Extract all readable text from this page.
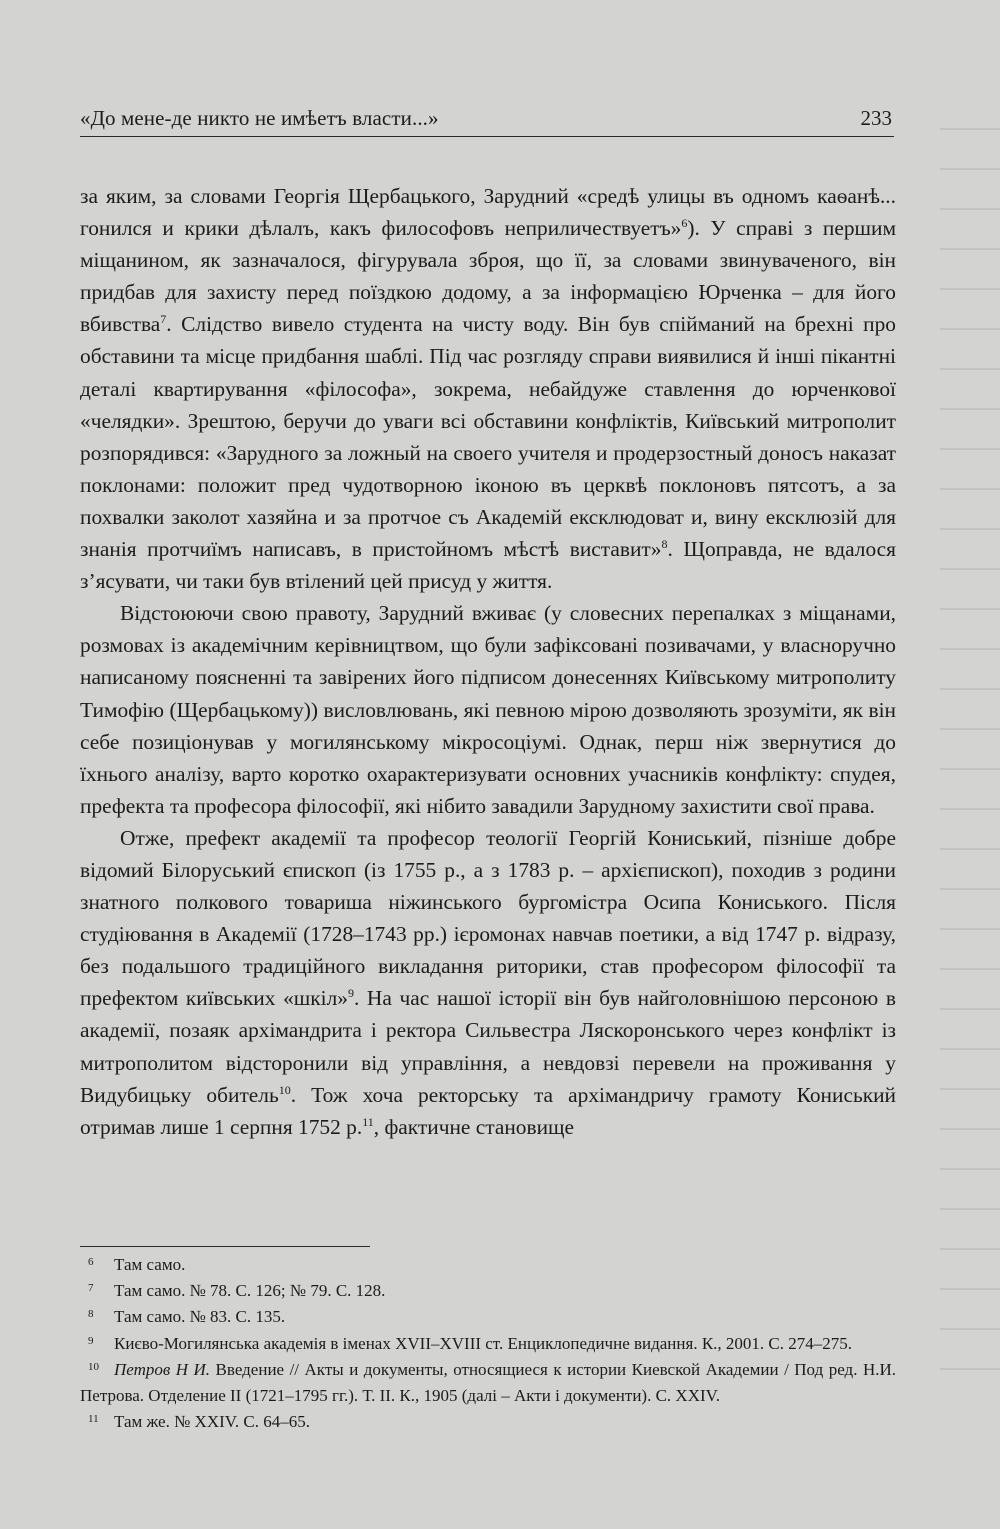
«До мене-де никто не имѣетъ власти...»	233

за яким, за словами Георгія Щербацького, Зарудний «средѣ улицы въ одномъ каѳанѣ... гонился и крики дѣлалъ, какъ философовъ неприличествуетъ»$^6$). У справі з першим міщанином, як зазначалося, фігурувала зброя, що її, за словами звинуваченого, він придбав для захисту перед поїздкою додому, а за інформацією Юрченка – для його вбивства$^7$. Слідство вивело студента на чисту воду. Він був спійманий на брехні про обставини та місце придбання шаблі. Під час розгляду справи виявилися й інші пікантні деталі квартирування «філософа», зокрема, небайдуже ставлення до юрченкової «челядки». Зрештою, беручи до уваги всі обставини конфліктів, Київський митрополит розпорядився: «Зарудного за ложный на своего учителя и продерзостный доносъ наказат поклонами: положит пред чудотворною іконою въ церквѣ поклоновъ пятсотъ, а за похвалки заколот хазяйна и за протчое съ Академій ексклюдоват и, вину ексклюзій для знанія протчиїмъ написавъ, в пристойномъ мѣстѣ виставит»$^8$. Щоправда, не вдалося з’ясувати, чи таки був втілений цей присуд у життя.

Відстоюючи свою правоту, Зарудний вживає (у словесних перепалках з міщанами, розмовах із академічним керівництвом, що були зафіксовані позивачами, у власноручно написаному поясненні та завірених його підписом донесеннях Київському митрополиту Тимофію (Щербацькому)) висловлювань, які певною мірою дозволяють зрозуміти, як він себе позиціонував у могилянському мікросоціумі. Однак, перш ніж звернутися до їхнього аналізу, варто коротко охарактеризувати основних учасників конфлікту: спудея, префекта та професора філософії, які нібито завадили Зарудному захистити свої права.

Отже, префект академії та професор теології Георгій Кониський, пізніше добре відомий Білоруський єпископ (із 1755 р., а з 1783 р. – архієпископ), походив з родини знатного полкового товариша ніжинського бургомістра Осипа Кониського. Після студіювання в Академії (1728–1743 рр.) ієромонах навчав поетики, а від 1747 р. відразу, без подальшого традиційного викладання риторики, став професором філософії та префектом київських «шкіл»$^9$. На час нашої історії він був найголовнішою персоною в академії, позаяк архімандрита і ректора Сильвестра Ляскоронського через конфлікт із митрополитом відсторонили від управління, а невдовзі перевели на проживання у Видубицьку обитель$^{10}$. Тож хоча ректорську та архімандричу грамоту Кониський отримав лише 1 серпня 1752 р.$^{11}$, фактичне становище

6 Там само.
7 Там само. № 78. С. 126; № 79. С. 128.
8 Там само. № 83. С. 135.
9 Києво-Могилянська академія в іменах XVII–XVIII ст. Енциклопедичне видання. К., 2001. С. 274–275.
10 Петров Н И. Введение // Акты и документы, относящиеся к истории Киевской Академии / Под ред. Н.И. Петрова. Отделение II (1721–1795 гг.). Т. II. К., 1905 (далі – Акти і документи). С. XXIV.
11 Там же. № XXIV. С. 64–65.
